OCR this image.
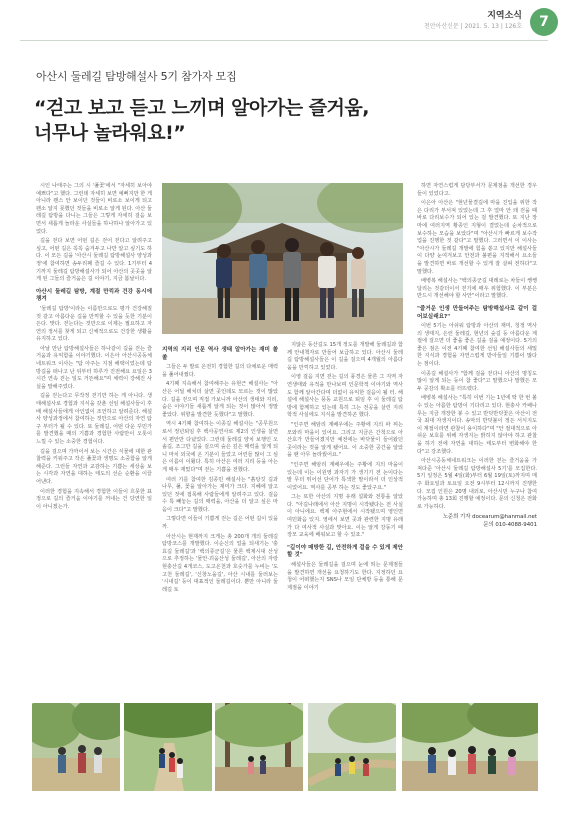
지역소식
천안아산신문 | 2021. 5. 13 | 126호	7
아산시 둘레길 탐방해설사 5기 참가자 모집
“걷고 보고 듣고 느끼며 알아가는 즐거움,
너무나 놀라워요!”

시인 나태주는 그의 시 '풀꽃'에서 "자세히 보아야 예쁘다"고 했다. 그런데 자세히 보면 예뻐지만 한 게 아니라 왠스 안 보이던 것들이 비로소 보이게 되고 왠소 알지 못했던 것들을 비로소 알게 된다. 아산 둘레길 탐방을 다니는 그들은 그렇게 자세히 걸음 보면서 새롭게 놀라운 사실들을 하나하나 알아가고 있었다.

길을 걷다 보면 어떤 길은 걷어 걷다고 알려주고 싶고, 어떤 길은 꼭꼭 숨겨두고 나만 알고 싶기도 하다. 이 모든 길을 '아산시 둘레길 탐방해설사 양성과정'에 참여하면 송두리째 즐길 수 있다. 1기부터 4기까지 둘레길 탐방해설사가 되어 아산의 곳곳을 알게 된 그들의 즐거움은 길 이야기, 지금 봄날이다.

아산시 둘레길 탐방, 계절 만끽과 건강 동시에 챙겨

'둘레길 탐방'이라는 이름만으로도 평가 건강해질 것 같고 아름다운 길을 만끽할 수 있을 듯한 기분이 든다. 맞다. 걷는다는 것만으로 이제는 필요하고 자연의 정서를 찾게 되고 신체적으로도 건강한 생활을 유지하고 있다.

아날 만난 탐방해설사들은 하나같이 길을 걷는 즐거움과 유익함을 이야기했다. 이은아 아산시공동체네트워크 이사는 "탐 아주는 지점 해택이었는데 탐방길을 떠나고 난 뒤부터 하루가 진전해요 요일은 3시간 연속 걷는 일도 거뜬해요"며 체력이 강해진 사실을 말해주었다.

길을 걷는다고 무작정 걷기만 하는 게 아니다. 생태해설사로 경험과 지식을 갖춘 선임 해설사들이 후배 해설사들에게 아인없이 조언하고 알려준다. 해설사 양성과정에서 참여하는 것만으로 아산의 자연 탐구 부터가 될 수 있다. 또 둘레길, 어떤 다운 꾸민가를 발견했을 때의 기쁨과 경험한 사람만이 오롯이 느낄 수 있는 소중한 경험이다.

길을 걸으며 가까이서 보는 시간은 식물에 대한 관찰력을 키워주고 작은 풀꽃과 생명도 소중함을 알게 해준다. 그런들 자연과 교감하는 기쁨는 세상을 보는 시각과 자연을 대하는 태도의 선순 순환을 이끌어낸다.

이러한 경험을 지속해서 경험한 이들이 흐뭇한 표정으로 길의 즐거움 이야기를 꺼내는 건 당연한 일이 아니겠는가.

지역의 지리 인문 역사 생태 알아가는 재미 쏠쏠

그들은 두 발로 온전히 경험한 길의 다채로운 매력을 풀어내줬다.

4기째 지속해서 참여해주는 유현근 해설사는 "아산은 어딜 해치더 살면 곳인데도 모르는 것이 많았다. 길을 걷으며 직접 가보니까 아산의 생태와 지리, 숨은 이야기들 새롭게 알게 되는 것이 많아서 정말 좋았다. 위향을 발견한 듯했다"고 말했다.

역시 4기째 참여하는 이종길 해설사는 "공무원으로서 정년퇴임 후 백사공연사로 제2의 인생을 살면서 편안만 다녔었다. 그런데 둘레길 양치 보행인 오솔길, 조그만 길을 걸으며 숲은 깊은 매력을 알게 되니 마치 외국에 온 기분이 들었고 어린들 많이 그 심은 이름이 이뤘다. 특히 아산은 여러 지리 등을 아는 게 매우 재밌다"며 걷는 기쁨을 전했다.

여러 기를 참여한 김종민 해설사는 "흙탕깃 길과 나무, 풀, 꽃을 알아가는 재미가 크다. 지혜에 알고 있던 것에 접목해 사람들에게 알려주고 있다. 걸음수 특 빼놓는 길의 매력을, 아산을 더 알고 싶은 마음이 크다"고 말했다.

그렇다면 이들이 기쁨게 걷는 길은 어떤 길이 있을까.

아산시는 현재까지 크게는 총 200개 개의 둘레길 탐방코스를 개발했다. 이순신의 얼을 되새기는 '충효길 둘레길'과 '백의종군길'은 물론 백제시대 산성으로 추정하는 '물안·괴움산성 둘레길', 아산의 자랑 현충산길 4개코스, 도고온천과 호숫가를 누비는 '도고천 둘레길', '신창노을길', 아산 시내를 둘러보는 '시내길' 등이 대표적인 둘레길이다. 뿐만 아니라 둘레길 토

지않은 동산길도 15개 정도를 개발해 둘레길과 함께 안내책자로 만들어 보급하고 있다. 아산시 둘레길 탐방해설사들은 이 길을 걸으며 4개월의 아름다움을 만끽하고 있었다.

이영 걸음 지면 걷는 길의 풍경은 물론 그 지역 자연생태와 유적을 만나보며 인문학적 이야기와 역사도 함께 알아간다며 더없이 유익한 걸음이 될 터. 해설에 해설사는 풍동 교원으로 퇴임 후 이 둘레길 탐방에 함께하고 있는데 특히 그는 전공을 살린 지리학적 사실에도 지식을 발견하곤 했다.

"인주면 해암리 계배우에는 주황에 지의 파 찌는 모와리 마을이 있어요. 그리고 지금은 간척으로 아산호가 만들어졌지만 예전에는 바닷물이 들어왔던 곳이라는 것을 알게 됐어요. 이 소중한 공간을 알았을 땐 아무 놀라웠어요."

"인주면 해암리 계배우에는 주황에 지의 마을이 있는데 이는 이원영 과자기 가 생기기 전 논이다는 말 무더 뛰어선 단어가 특색한 말이라서 더 인상적이었어요. 역사를 공부 하는 것도 좋았구요."

그는 또한 아산의 지명 유래 설화와 전통을 알았다. "아길나래에서 아산 지명이 시작됐다는 전 사실이 아니에요. 백제 아주현에서 시작됐으며 영인면 여민화음 있지. 영에서 보면 곳과 관련한 지명 유래가 다 여사적 사실과 맞아요. 이는 알게 강동기 때 장모 교육에 배워보고 할 수 있죠."

"길이야 매방한 길, 안전하게 걸을 수 있게 제안할 것"

해설사들은 둘레길을 걸으며 눈에 띄는 문제점들을 발견하면 개선을 요청하기도 한다. 지정하던 요청이 어떠했는지 SNS나 모임 단체방 등을 통해 문제점을 이야기

하면 자연스럽게 담당부서가 문제점을 개선한 경우들이 있었다고.

이은아 아산은 "현년물결길에 마을 진입을 위한 작은 다리가 부서져 있었는데 그 후 얼마 안 돼 걷을 때 바로 다리보수가 되어 있는 걸 발견했다. 또 지난 장마에 여러지역 황종인 지형이 결었는데 순차적으로 보수하는 모습을 보았다"며 "아산시가 빠르게 보수작업을 진행한 것 같다"고 말했다. 그러면서 이 이사는 "아산시가 둘레길 개발에 힘을 쏟고 있지만 해설사들이 다양 눈여겨보고 안전과 불편을 지적해서 요소들을 발견하면 바로 개선할 수 있게 잘 살펴 전하다"고 말했다.

배병복 해설사는 "백의종군길 대레로는 차들이 쌩쌩 달리는 것같더이서 걷기에 매우 위험했다. 이 부분은 반드시 개선해야 할 사안"이라고 말했다.

"즐거운 인생 만들어주는 탐방해설사로 같이 걸어보실래요?"

이번 5기는 아쉬워 탐방과 아산의 재미, 청정 역사의 생태지, 은런 둘레길, 현년의 숲길 등 아름다운 계절에 걸으면 더 좋을 좋은 길을 걸을 예정이다. 5기의 좋은 점은 이전 4기째 참여한 선임 해설사들의 세밀한 지식과 경험을 자연스럽게 받아들일 기쁨이 많다는 점이다.

이종길 해설사가 "함께 걸을 걷다니 아산의 명칭도 많이 알게 되는 등이 참 좋다"고 말했으나 말했든 모두 공감의 확소를 터뜨렸다.

배병복 해설사는 "특히 이번 기는 1년에 딱 한 번 볼 수 있는 아름한 탐방이 기다리고 있다. 현충사 카페나무는 지금 개장한 봉 수 있고 반딧반딧꽃은 아산이 전국 최대 자생지이다. 송악의 반딧불이 정든 서식지도 이 계절이라면 관찰이 용이하다"며 "안 절대적으로 아쉬운 보호를 위해 자생지는 밝히지 않아야 하고 관찰을 하기 전에 자연을 대하는 태도부터 변화해야 한다"고 강조했다.

아산시공동체네트워크는 이러한 걷는 즐거움을 가져다준 '아산시 둘레길 탐방해설사 5기'를 모집한다. 5기 일정은 5월 4일(화)부터 6월 19일(토)까지며 매주 화요일과 토요일 오전 9시부터 12시까지 진행한다. 모집 인원은 20명 내외로, 아산시민 누구나 참여 가능하며 총 13회 진행할 예정이다. 문의 신청은 전화로 가능하다.

노준희 기자 docearum@hanmail.net
문의 010-4088-9401
